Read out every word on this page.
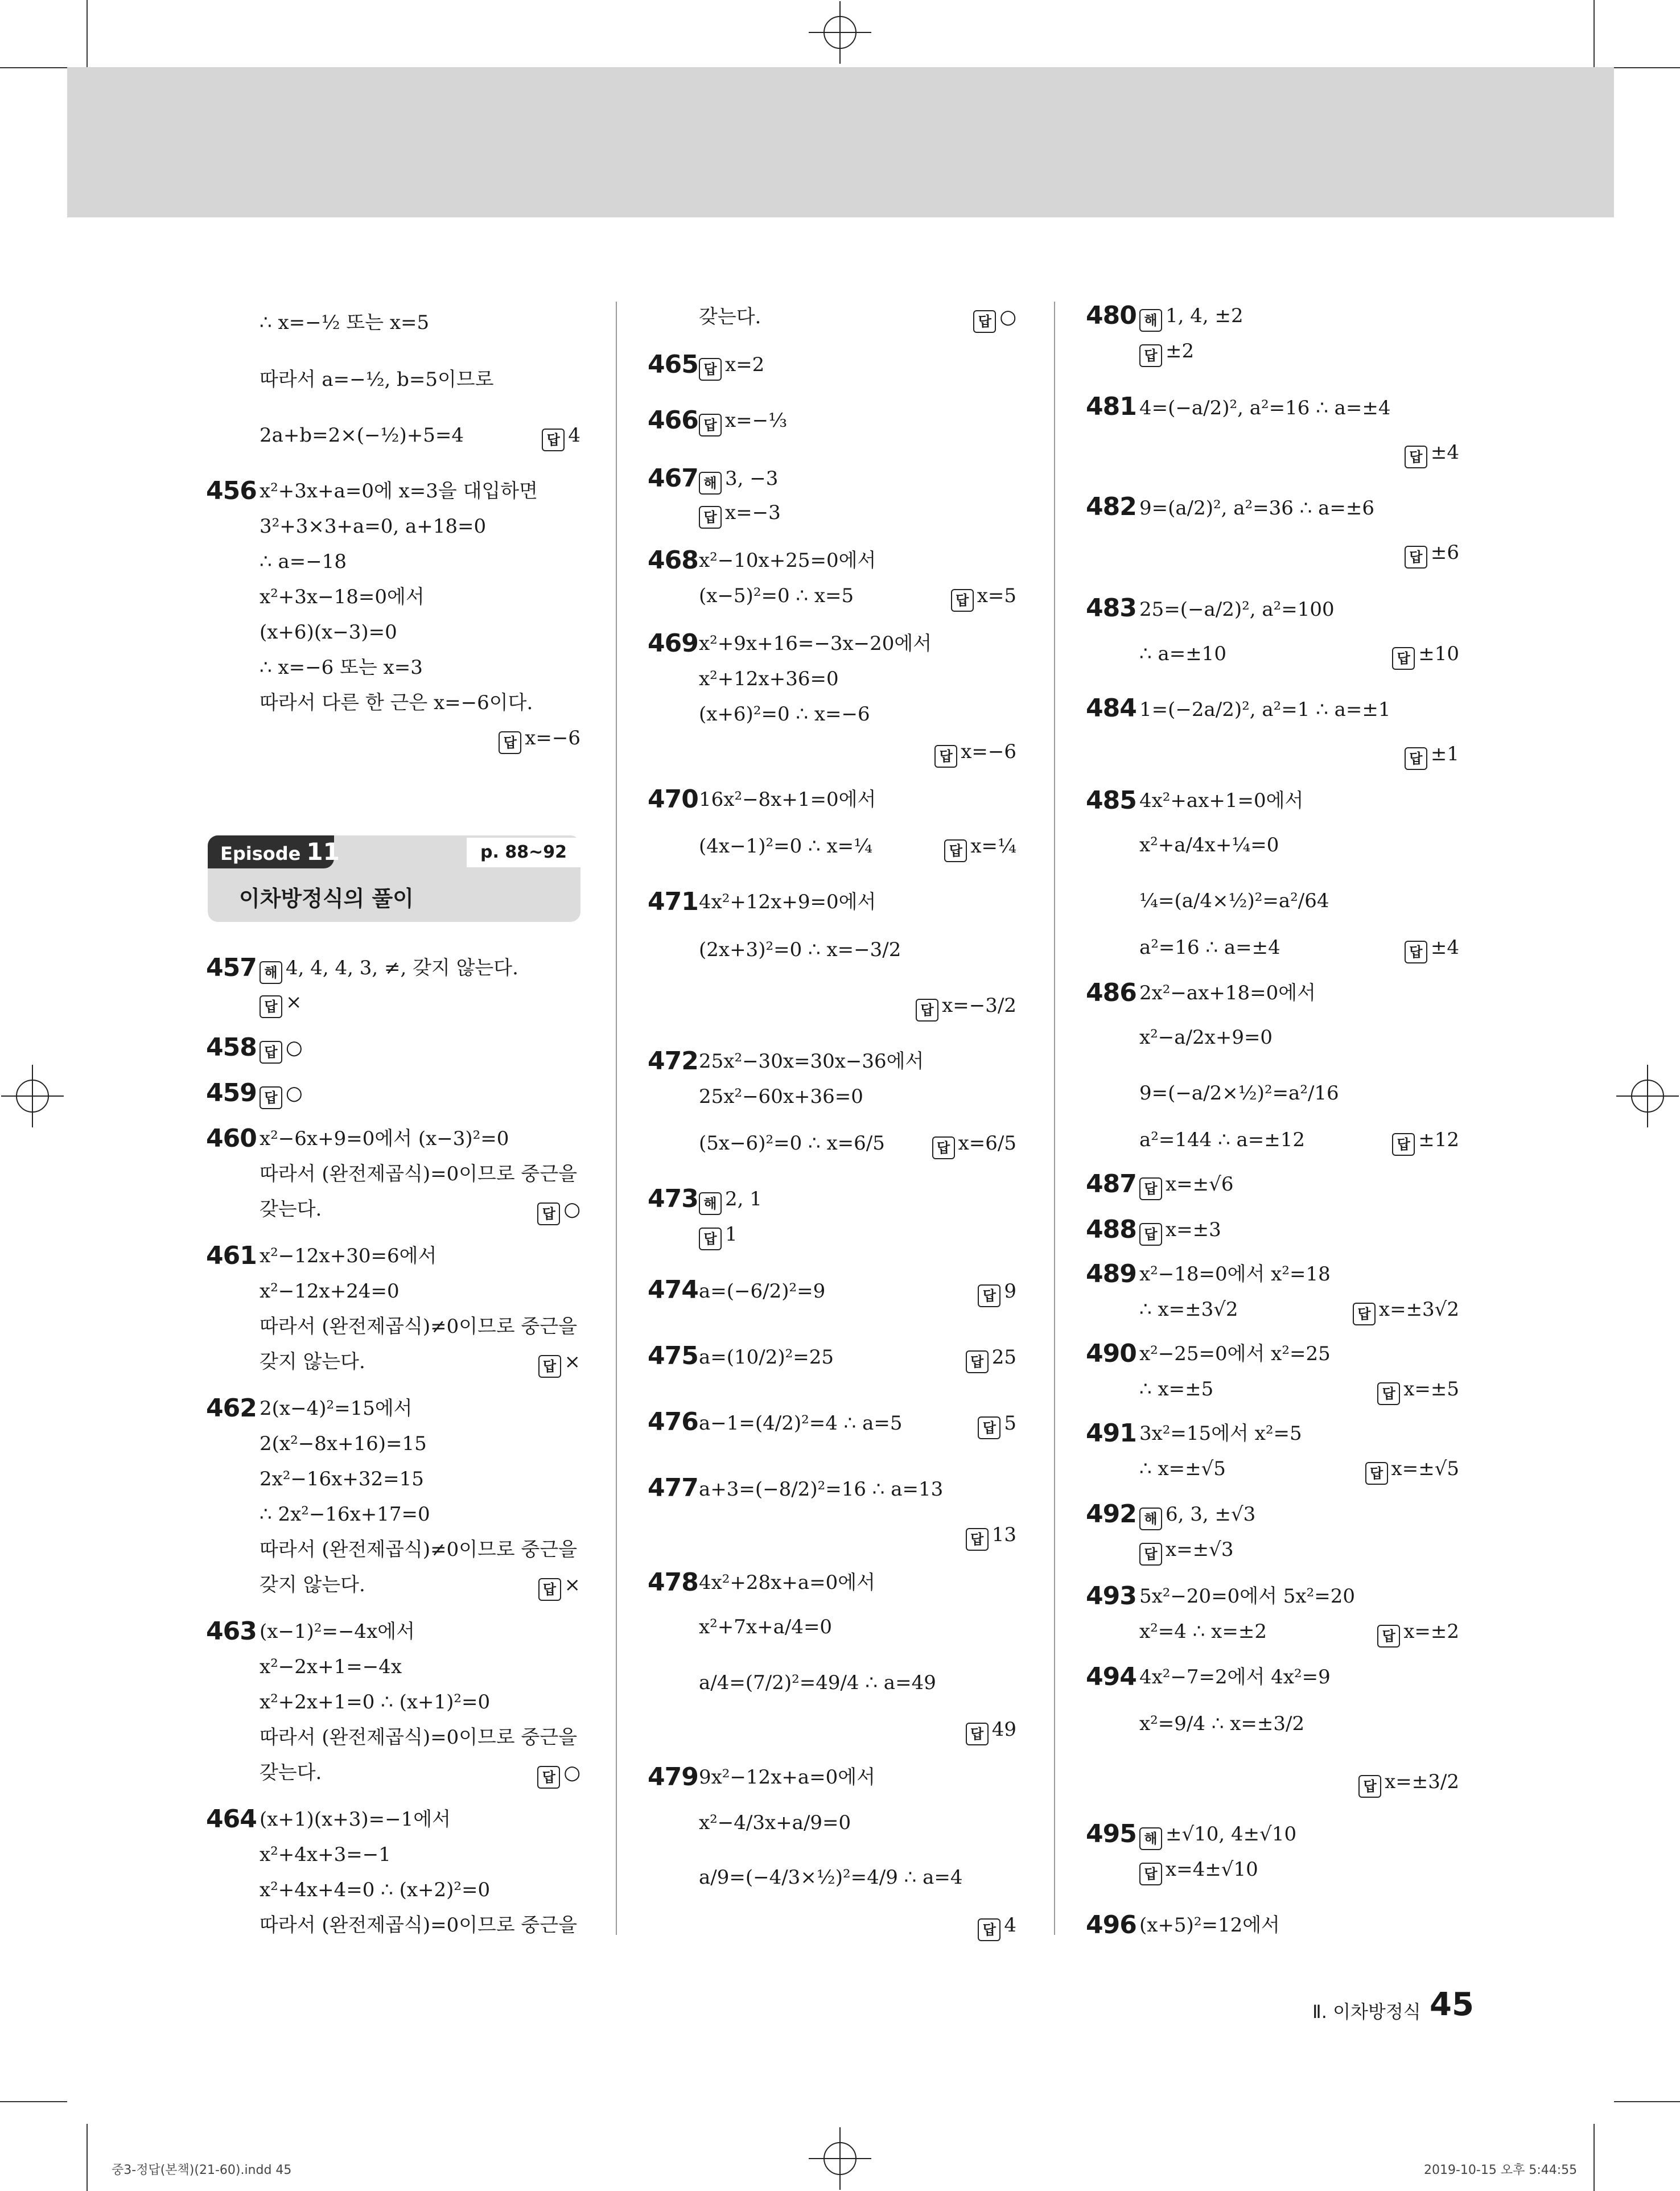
∴ x=−½ 또는 x=5
따라서 a=−½, b=5이므로
2a+b=2×(−½)+5=4	답 4
456 x²+3x+a=0에 x=3을 대입하면
3²+3×3+a=0, a+18=0
∴ a=−18
x²+3x−18=0에서
(x+6)(x−3)=0
∴ x=−6 또는 x=3
따라서 다른 한 근은 x=−6이다.
답 x=−6
Episode 11	p. 88~92
이차방정식의 풀이
457 해 4, 4, 4, 3, ≠, 갖지 않는다.
답 ×
458 답 ○
459 답 ○
460 x²−6x+9=0에서 (x−3)²=0
따라서 (완전제곱식)=0이므로 중근을
갖는다.	답 ○
461 x²−12x+30=6에서
x²−12x+24=0
따라서 (완전제곱식)≠0이므로 중근을
갖지 않는다.	답 ×
462 2(x−4)²=15에서
2(x²−8x+16)=15
2x²−16x+32=15
∴ 2x²−16x+17=0
따라서 (완전제곱식)≠0이므로 중근을
갖지 않는다.	답 ×
463 (x−1)²=−4x에서
x²−2x+1=−4x
x²+2x+1=0 ∴ (x+1)²=0
따라서 (완전제곱식)=0이므로 중근을
갖는다.	답 ○
464 (x+1)(x+3)=−1에서
x²+4x+3=−1
x²+4x+4=0 ∴ (x+2)²=0
따라서 (완전제곱식)=0이므로 중근을
갖는다.	답 ○
465 답 x=2
466 답 x=−⅓
467 해 3, −3
답 x=−3
468 x²−10x+25=0에서
(x−5)²=0 ∴ x=5	답 x=5
469 x²+9x+16=−3x−20에서
x²+12x+36=0
(x+6)²=0 ∴ x=−6
답 x=−6
470 16x²−8x+1=0에서
(4x−1)²=0 ∴ x=¼	답 x=¼
471 4x²+12x+9=0에서
(2x+3)²=0 ∴ x=−3/2
답 x=−3/2
472 25x²−30x=30x−36에서
25x²−60x+36=0
(5x−6)²=0 ∴ x=6/5	답 x=6/5
473 해 2, 1
답 1
474 a=(−6/2)²=9	답 9
475 a=(10/2)²=25	답 25
476 a−1=(4/2)²=4 ∴ a=5	답 5
477 a+3=(−8/2)²=16 ∴ a=13
답 13
478 4x²+28x+a=0에서
x²+7x+a/4=0
a/4=(7/2)²=49/4 ∴ a=49
답 49
479 9x²−12x+a=0에서
x²−4/3x+a/9=0
a/9=(−4/3×½)²=4/9 ∴ a=4
답 4
480 해 1, 4, ±2
답 ±2
481 4=(−a/2)², a²=16 ∴ a=±4
답 ±4
482 9=(a/2)², a²=36 ∴ a=±6
답 ±6
483 25=(−a/2)², a²=100
∴ a=±10	답 ±10
484 1=(−2a/2)², a²=1 ∴ a=±1
답 ±1
485 4x²+ax+1=0에서
x²+a/4x+¼=0
¼=(a/4×½)²=a²/64
a²=16 ∴ a=±4	답 ±4
486 2x²−ax+18=0에서
x²−a/2x+9=0
9=(−a/2×½)²=a²/16
a²=144 ∴ a=±12	답 ±12
487 답 x=±√6
488 답 x=±3
489 x²−18=0에서 x²=18
∴ x=±3√2	답 x=±3√2
490 x²−25=0에서 x²=25
∴ x=±5	답 x=±5
491 3x²=15에서 x²=5
∴ x=±√5	답 x=±√5
492 해 6, 3, ±√3
답 x=±√3
493 5x²−20=0에서 5x²=20
x²=4 ∴ x=±2	답 x=±2
494 4x²−7=2에서 4x²=9
x²=9/4 ∴ x=±3/2
답 x=±3/2
495 해 ±√10, 4±√10
답 x=4±√10
496 (x+5)²=12에서
Ⅱ. 이차방정식 45
중3-정답(본책)(21-60).indd 45	2019-10-15 오후 5:44:55
